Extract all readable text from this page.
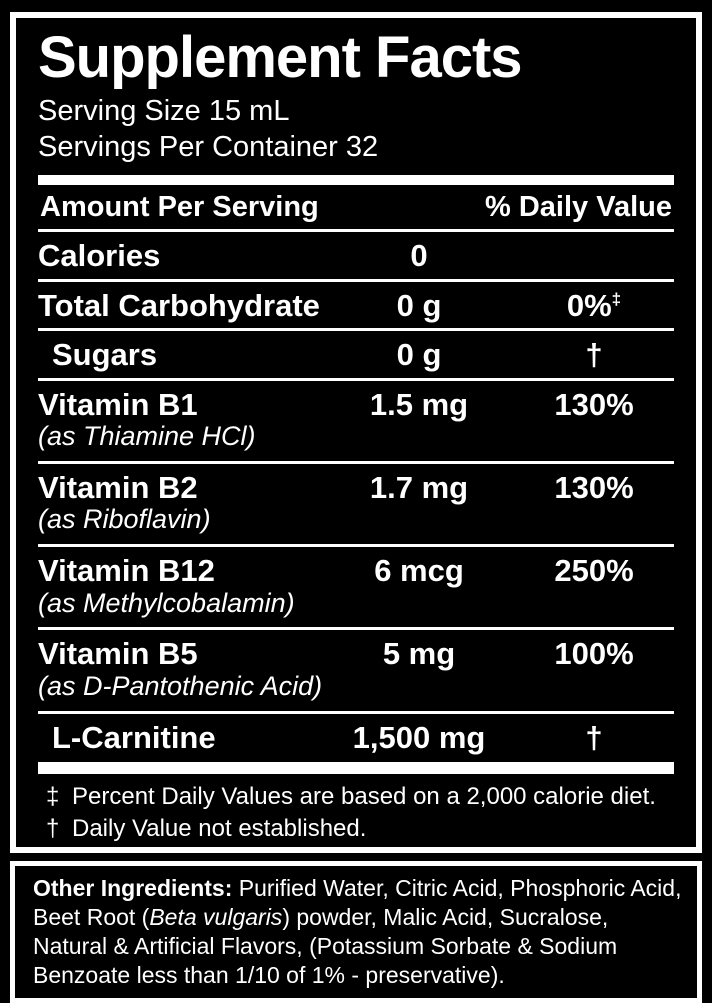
Supplement Facts
Serving Size 15 mL
Servings Per Container 32
Amount Per Serving	% Daily Value
Calories	0
Total Carbohydrate	0 g	0%‡
Sugars	0 g	†
Vitamin B1	1.5 mg	130%
(as Thiamine HCl)
Vitamin B2	1.7 mg	130%
(as Riboflavin)
Vitamin B12	6 mcg	250%
(as Methylcobalamin)
Vitamin B5	5 mg	100%
(as D-Pantothenic Acid)
L-Carnitine	1,500 mg	†
‡ Percent Daily Values are based on a 2,000 calorie diet.
† Daily Value not established.
Other Ingredients: Purified Water, Citric Acid, Phosphoric Acid, Beet Root (Beta vulgaris) powder, Malic Acid, Sucralose, Natural & Artificial Flavors, (Potassium Sorbate & Sodium Benzoate less than 1/10 of 1% - preservative).
